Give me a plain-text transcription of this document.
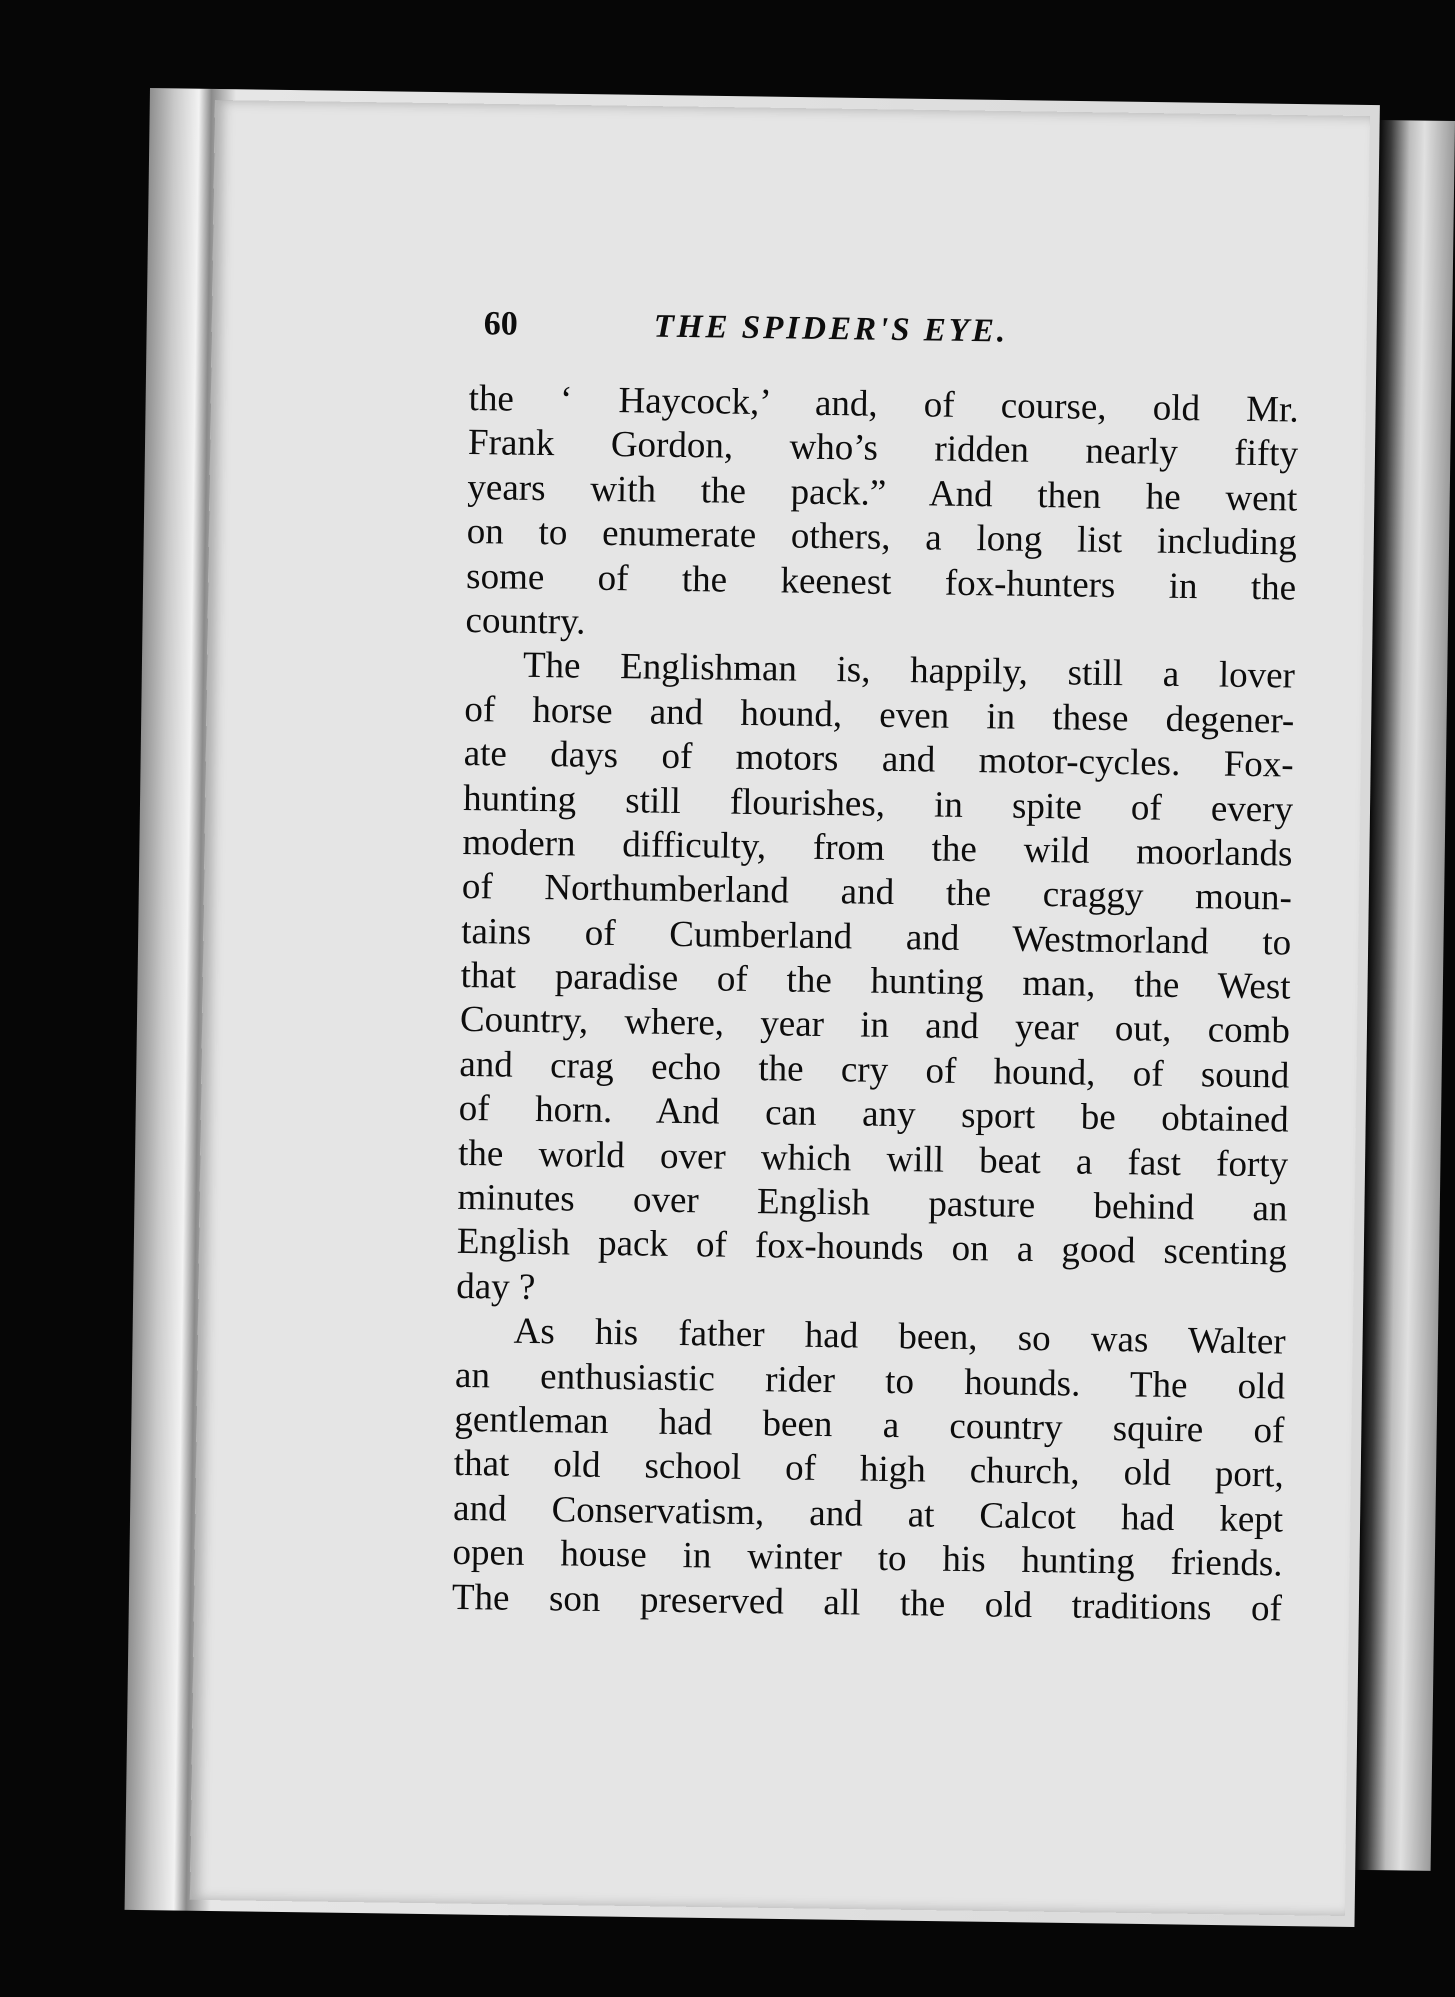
60	THE SPIDER'S EYE.
the ‘ Haycock,’ and, of course, old Mr.
Frank Gordon, who’s ridden nearly fifty
years with the pack.” And then he went
on to enumerate others, a long list including
some of the keenest fox-hunters in the
country.
The Englishman is, happily, still a lover
of horse and hound, even in these degener-
ate days of motors and motor-cycles. Fox-
hunting still flourishes, in spite of every
modern difficulty, from the wild moorlands
of Northumberland and the craggy moun-
tains of Cumberland and Westmorland to
that paradise of the hunting man, the West
Country, where, year in and year out, comb
and crag echo the cry of hound, of sound
of horn. And can any sport be obtained
the world over which will beat a fast forty
minutes over English pasture behind an
English pack of fox-hounds on a good scenting
day ?
As his father had been, so was Walter
an enthusiastic rider to hounds. The old
gentleman had been a country squire of
that old school of high church, old port,
and Conservatism, and at Calcot had kept
open house in winter to his hunting friends.
The son preserved all the old traditions of
